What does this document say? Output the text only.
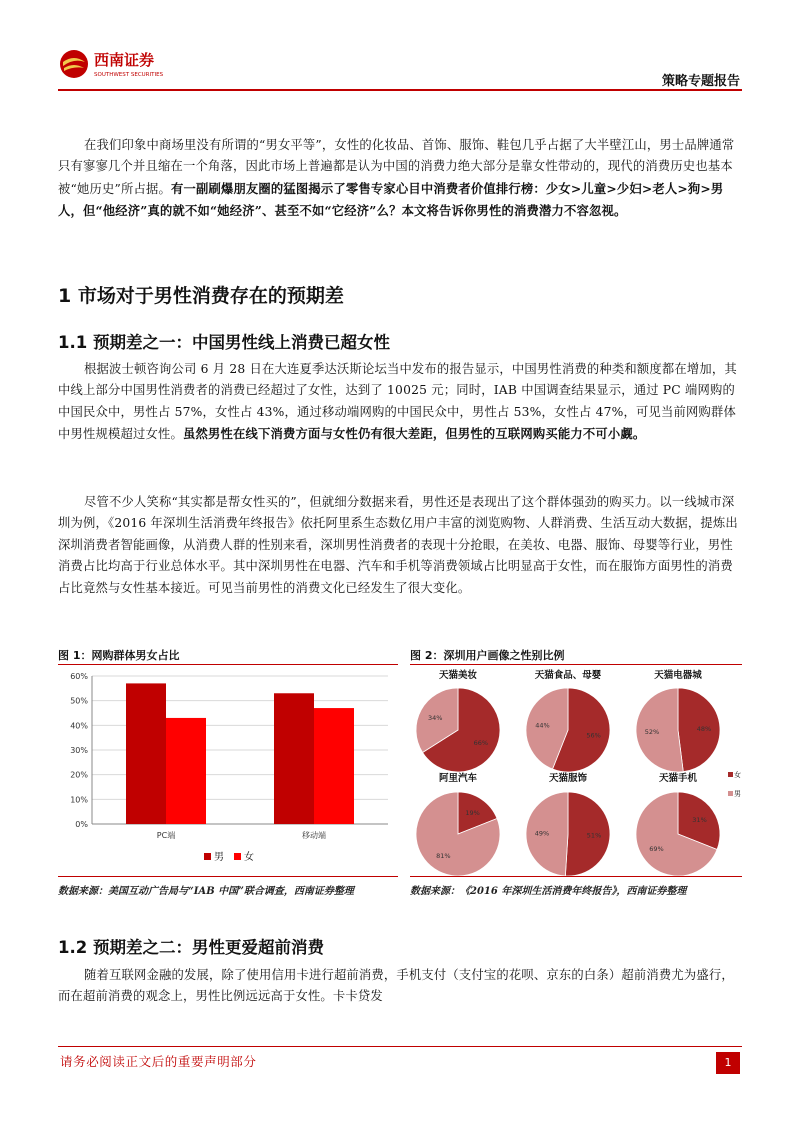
西南证券
SOUTHWEST SECURITIES	策略专题报告
在我们印象中商场里没有所谓的“男女平等”，女性的化妆品、首饰、服饰、鞋包几乎占据了大半壁江山，男士品牌通常只有寥寥几个并且缩在一个角落，因此市场上普遍都是认为中国的消费力绝大部分是靠女性带动的，现代的消费历史也基本被“她历史”所占据。有一副刷爆朋友圈的猛图揭示了零售专家心目中消费者价值排行榜：少女>儿童>少妇>老人>狗>男人，但“他经济”真的就不如“她经济”、甚至不如“它经济”么？本文将告诉你男性的消费潜力不容忽视。
1 市场对于男性消费存在的预期差
1.1 预期差之一：中国男性线上消费已超女性
根据波士顿咨询公司 6 月 28 日在大连夏季达沃斯论坛当中发布的报告显示，中国男性消费的种类和额度都在增加，其中线上部分中国男性消费者的消费已经超过了女性，达到了 10025 元；同时，IAB 中国调查结果显示，通过 PC 端网购的中国民众中，男性占 57%，女性占 43%，通过移动端网购的中国民众中，男性占 53%，女性占 47%，可见当前网购群体中男性规模超过女性。虽然男性在线下消费方面与女性仍有很大差距，但男性的互联网购买能力不可小觑。
尽管不少人笑称“其实都是帮女性买的”，但就细分数据来看，男性还是表现出了这个群体强劲的购买力。以一线城市深圳为例，《2016 年深圳生活消费年终报告》依托阿里系生态数亿用户丰富的浏览购物、人群消费、生活互动大数据，提炼出深圳消费者智能画像，从消费人群的性别来看，深圳男性消费者的表现十分抢眼，在美妆、电器、服饰、母婴等行业，男性消费占比均高于行业总体水平。其中深圳男性在电器、汽车和手机等消费领域占比明显高于女性，而在服饰方面男性的消费占比竟然与女性基本接近。可见当前男性的消费文化已经发生了很大变化。
图 1：网购群体男女占比
0%
10%
20%
30%
40%
50%
60%
PC端	移动端
男 女
数据来源：美国互动广告局与“IAB 中国”联合调查，西南证券整理
图 2：深圳用户画像之性别比例
天猫美妆
66%
34%
天猫食品、母婴
56%
44%
天猫电器城
48%
52%
阿里汽车
19%
81%
天猫服饰
51%
49%
天猫手机
31%
69%
女
男
数据来源：《2016 年深圳生活消费年终报告》，西南证券整理
1.2 预期差之二：男性更爱超前消费
随着互联网金融的发展，除了使用信用卡进行超前消费，手机支付（支付宝的花呗、京东的白条）超前消费尤为盛行，而在超前消费的观念上，男性比例远远高于女性。卡卡贷发
请务必阅读正文后的重要声明部分	1
